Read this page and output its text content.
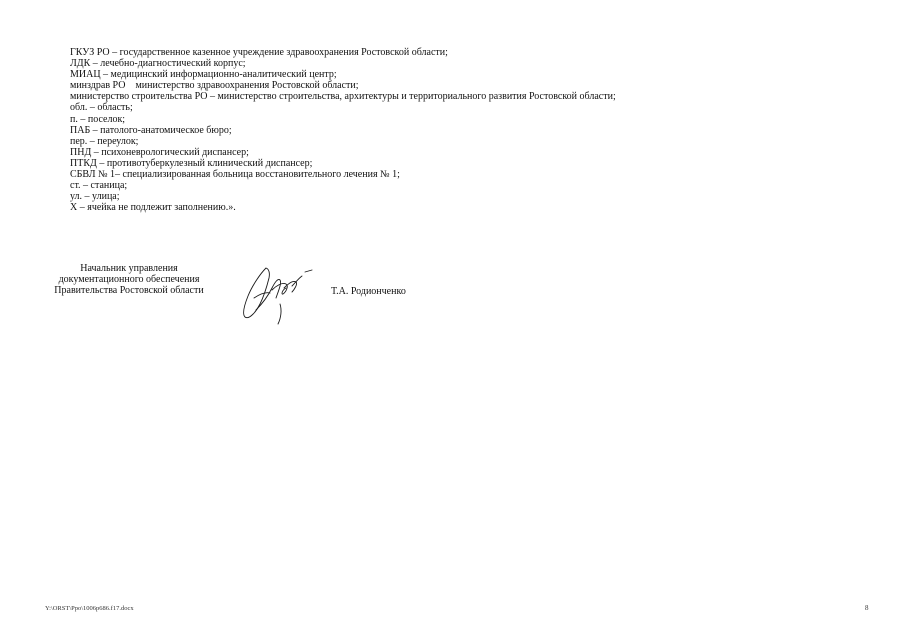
ГКУЗ РО – государственное казенное учреждение здравоохранения Ростовской области;
ЛДК – лечебно-диагностический корпус;
МИАЦ – медицинский информационно-аналитический центр;
минздрав РО    министерство здравоохранения Ростовской области;
министерство строительства РО – министерство строительства, архитектуры и территориального развития Ростовской области;
обл. – область;
п. – поселок;
ПАБ – патолого-анатомическое бюро;
пер. – переулок;
ПНД – психоневрологический диспансер;
ПТКД – противотуберкулезный клинический диспансер;
СБВЛ № 1– специализированная больница восстановительного лечения № 1;
ст. – станица;
ул. – улица;
Х – ячейка не подлежит заполнению.».
Начальник управления
документационного обеспечения
Правительства Ростовской области	Т.А. Родионченко
Y:\ORST\Ppo\1006p686.f17.docx	8
